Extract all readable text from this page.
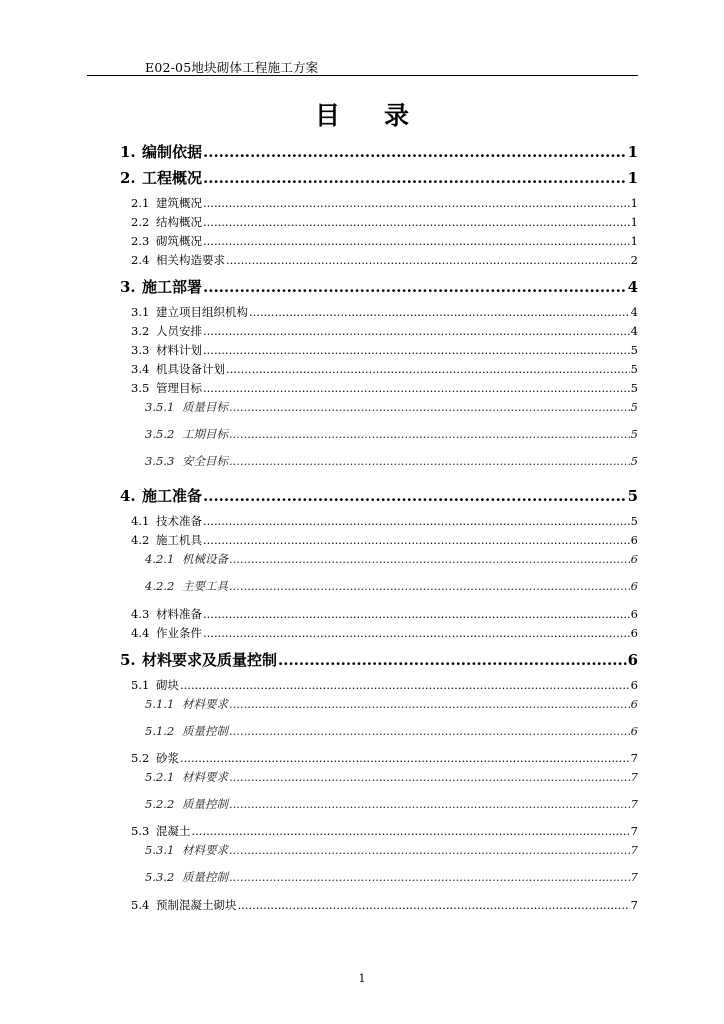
E02-05地块砌体工程施工方案
目 录
1. 编制依据 .....	1
2. 工程概况 .....	1
2.1 建筑概况 .....	1
2.2 结构概况 .....	1
2.3 砌筑概况 .....	1
2.4 相关构造要求 .....	2
3. 施工部署 .....	4
3.1 建立项目组织机构 .....	4
3.2 人员安排 .....	4
3.3 材料计划 .....	5
3.4 机具设备计划 .....	5
3.5 管理目标 .....	5
3.5.1 质量目标 .....	5
3.5.2 工期目标 .....	5
3.5.3 安全目标 .....	5
4. 施工准备 .....	5
4.1 技术准备 .....	5
4.2 施工机具 .....	6
4.2.1 机械设备 .....	6
4.2.2 主要工具 .....	6
4.3 材料准备 .....	6
4.4 作业条件 .....	6
5. 材料要求及质量控制 .....	6
5.1 砌块 .....	6
5.1.1 材料要求 .....	6
5.1.2 质量控制 .....	6
5.2 砂浆 .....	7
5.2.1 材料要求 .....	7
5.2.2 质量控制 .....	7
5.3 混凝土 .....	7
5.3.1 材料要求 .....	7
5.3.2 质量控制 .....	7
5.4 预制混凝土砌块 .....	7
1
